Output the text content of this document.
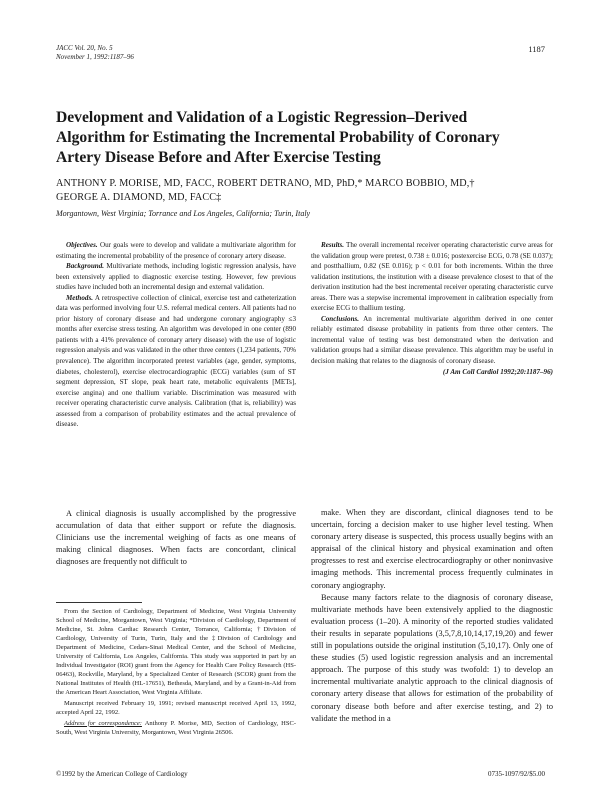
JACC Vol. 20, No. 5
November 1, 1992:1187–96
1187
Development and Validation of a Logistic Regression–Derived
Algorithm for Estimating the Incremental Probability of Coronary
Artery Disease Before and After Exercise Testing
ANTHONY P. MORISE, MD, FACC, ROBERT DETRANO, MD, PhD,* MARCO BOBBIO, MD,†
GEORGE A. DIAMOND, MD, FACC‡
Morgantown, West Virginia; Torrance and Los Angeles, California; Turin, Italy

Objectives. Our goals were to develop and validate a multivariate algorithm for estimating the incremental probability of the presence of coronary artery disease.

Background. Multivariate methods, including logistic regression analysis, have been extensively applied to diagnostic exercise testing. However, few previous studies have included both an incremental design and external validation.

Methods. A retrospective collection of clinical, exercise test and catheterization data was performed involving four U.S. referral medical centers. All patients had no prior history of coronary disease and had undergone coronary angiography ≤3 months after exercise stress testing. An algorithm was developed in one center (890 patients with a 41% prevalence of coronary artery disease) with the use of logistic regression analysis and was validated in the other three centers (1,234 patients, 70% prevalence). The algorithm incorporated pretest variables (age, gender, symptoms, diabetes, cholesterol), exercise electrocardiographic (ECG) variables (sum of ST segment depression, ST slope, peak heart rate, metabolic equivalents [METs], exercise angina) and one thallium variable. Discrimination was measured with receiver operating characteristic curve analysis. Calibration (that is, reliability) was assessed from a comparison of probability estimates and the actual prevalence of disease.

Results. The overall incremental receiver operating characteristic curve areas for the validation group were pretest, 0.738 ± 0.016; postexercise ECG, 0.78 (SE 0.037); and postthallium, 0.82 (SE 0.016); p < 0.01 for both increments. Within the three validation institutions, the institution with a disease prevalence closest to that of the derivation institution had the best incremental receiver operating characteristic curve areas. There was a stepwise incremental improvement in calibration especially from exercise ECG to thallium testing.

Conclusions. An incremental multivariate algorithm derived in one center reliably estimated disease probability in patients from three other centers. The incremental value of testing was best demonstrated when the derivation and validation groups had a similar disease prevalence. This algorithm may be useful in decision making that relates to the diagnosis of coronary disease.

(J Am Coll Cardiol 1992;20:1187–96)

A clinical diagnosis is usually accomplished by the progressive accumulation of data that either support or refute the diagnosis. Clinicians use the incremental weighing of facts as one means of making clinical diagnoses. When facts are concordant, clinical diagnoses are frequently not difficult to

make. When they are discordant, clinical diagnoses tend to be uncertain, forcing a decision maker to use higher level testing. When coronary artery disease is suspected, this process usually begins with an appraisal of the clinical history and physical examination and often progresses to rest and exercise electrocardiography or other noninvasive imaging methods. This incremental process frequently culminates in coronary angiography.

Because many factors relate to the diagnosis of coronary disease, multivariate methods have been extensively applied to the diagnostic evaluation process (1–20). A minority of the reported studies validated their results in separate populations (3,5,7,8,10,14,17,19,20) and fewer still in populations outside the original institution (5,10,17). Only one of these studies (5) used logistic regression analysis and an incremental approach. The purpose of this study was twofold: 1) to develop an incremental multivariate analytic approach to the clinical diagnosis of coronary artery disease that allows for estimation of the probability of coronary disease both before and after exercise testing, and 2) to validate the method in a

From the Section of Cardiology, Department of Medicine, West Virginia University School of Medicine, Morgantown, West Virginia; *Division of Cardiology, Department of Medicine, St. Johns Cardiac Research Center, Torrance, California; †Division of Cardiology, University of Turin, Turin, Italy and the ‡Division of Cardiology and Department of Medicine, Cedars-Sinai Medical Center, and the School of Medicine, University of California, Los Angeles, California. This study was supported in part by an Individual Investigator (ROI) grant from the Agency for Health Care Policy Research (HS-06463), Rockville, Maryland, by a Specialized Center of Research (SCOR) grant from the National Institutes of Health (HL-17651), Bethesda, Maryland, and by a Grant-in-Aid from the American Heart Association, West Virginia Affiliate.

Manuscript received February 19, 1991; revised manuscript received April 13, 1992, accepted April 22, 1992.

Address for correspondence: Anthony P. Morise, MD, Section of Cardiology, HSC-South, West Virginia University, Morgantown, West Virginia 26506.

©1992 by the American College of Cardiology	0735-1097/92/$5.00
